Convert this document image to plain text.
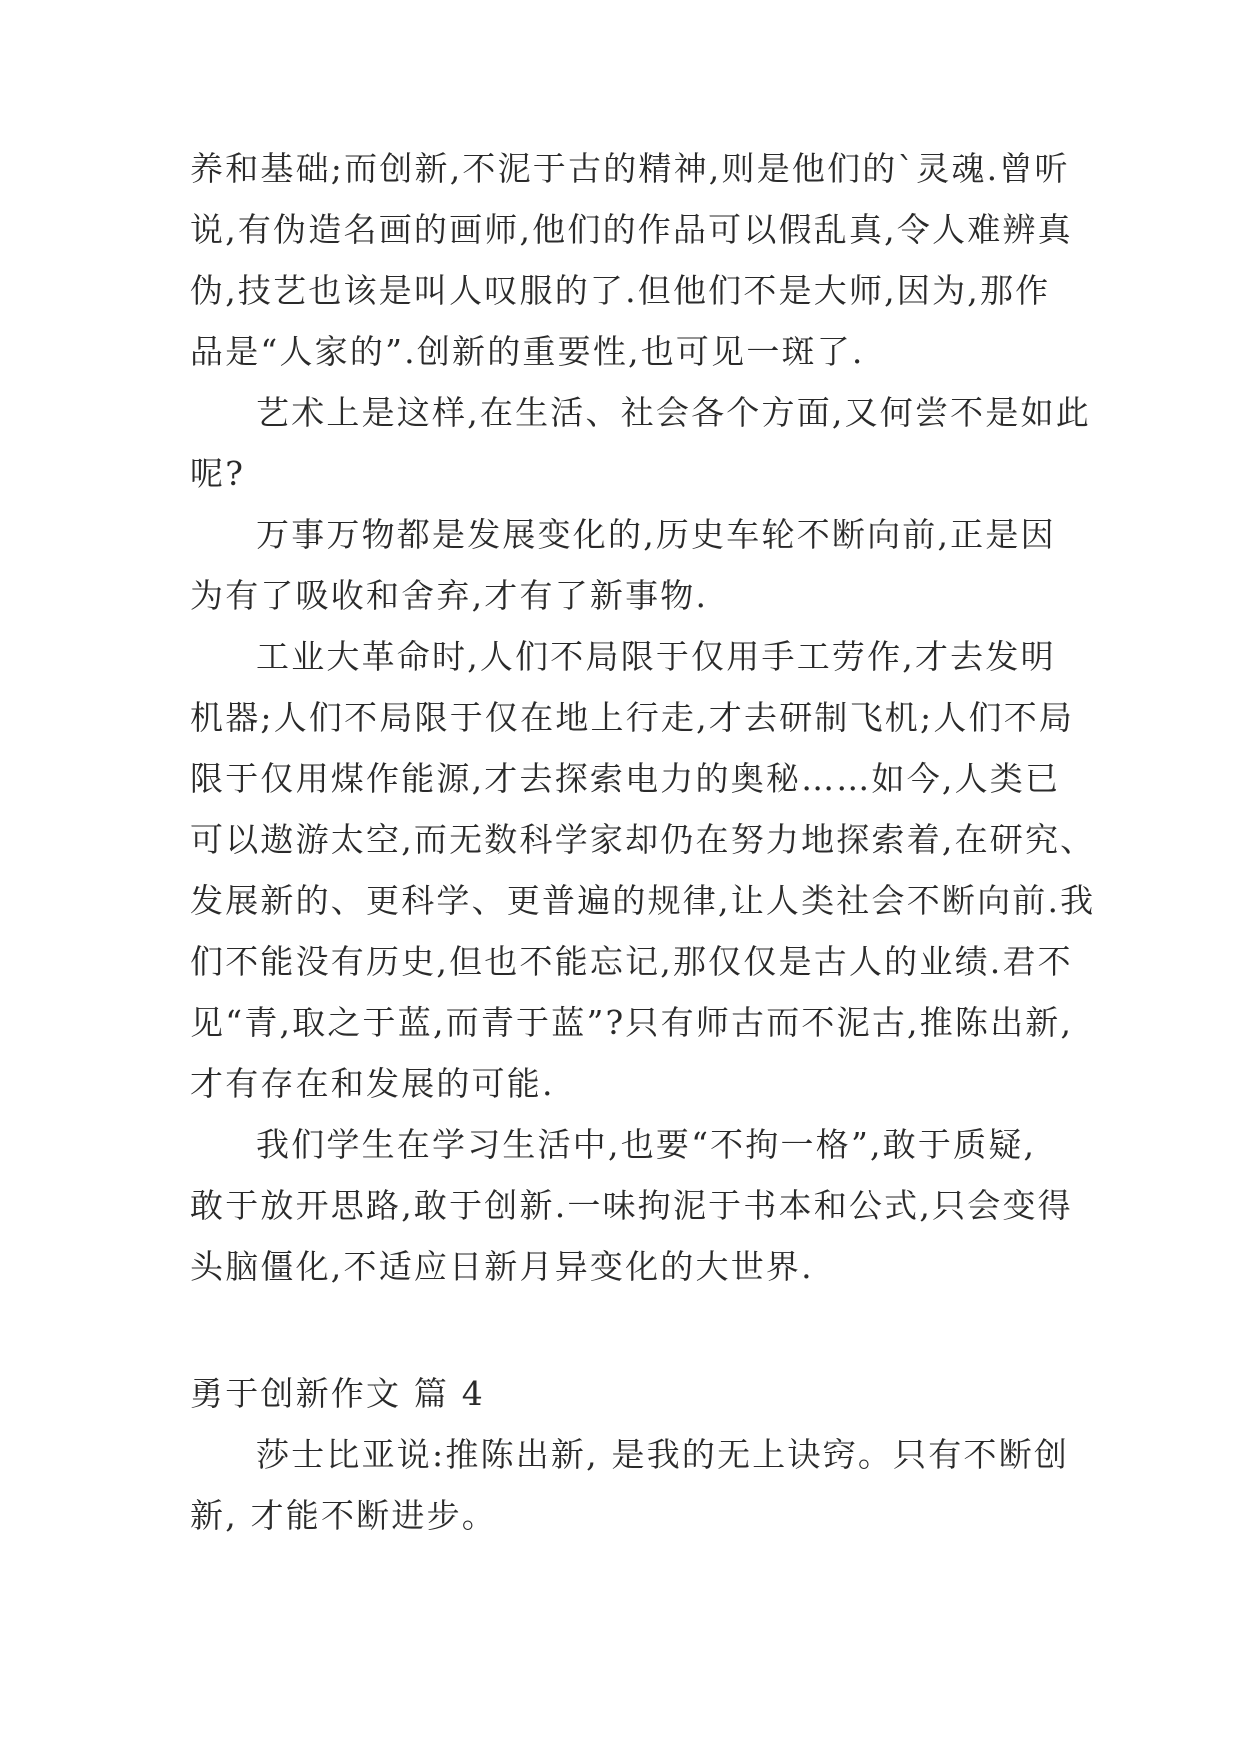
养和基础;而创新,不泥于古的精神,则是他们的`灵魂.曾听
说,有伪造名画的画师,他们的作品可以假乱真,令人难辨真
伪,技艺也该是叫人叹服的了.但他们不是大师,因为,那作
品是“人家的”.创新的重要性,也可见一斑了.
艺术上是这样,在生活、社会各个方面,又何尝不是如此
呢?
万事万物都是发展变化的,历史车轮不断向前,正是因
为有了吸收和舍弃,才有了新事物.
工业大革命时,人们不局限于仅用手工劳作,才去发明
机器;人们不局限于仅在地上行走,才去研制飞机;人们不局
限于仅用煤作能源,才去探索电力的奥秘……如今,人类已
可以遨游太空,而无数科学家却仍在努力地探索着,在研究、
发展新的、更科学、更普遍的规律,让人类社会不断向前.我
们不能没有历史,但也不能忘记,那仅仅是古人的业绩.君不
见“青,取之于蓝,而青于蓝”?只有师古而不泥古,推陈出新,
才有存在和发展的可能.
我们学生在学习生活中,也要“不拘一格”,敢于质疑,
敢于放开思路,敢于创新.一味拘泥于书本和公式,只会变得
头脑僵化,不适应日新月异变化的大世界.
勇于创新作文 篇 4
莎士比亚说:推陈出新, 是我的无上诀窍。只有不断创
新, 才能不断进步。
